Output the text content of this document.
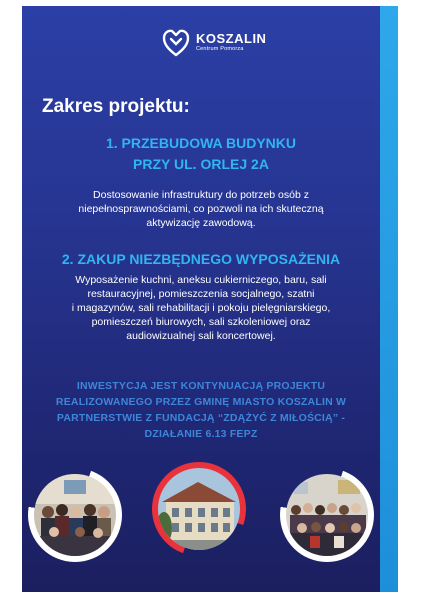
KOSZALIN
Centrum Pomorza
Zakres projektu:
1. PRZEBUDOWA BUDYNKU
PRZY UL. ORLEJ 2A

Dostosowanie infrastruktury do potrzeb osób z
niepełnosprawnościami, co pozwoli na ich skuteczną
aktywizację zawodową.

2. ZAKUP NIEZBĘDNEGO WYPOSAŻENIA

Wyposażenie kuchni, aneksu cukierniczego, baru, sali
restauracyjnej, pomieszczenia socjalnego, szatni
i magazynów, sali rehabilitacji i pokoju pielęgniarskiego,
pomieszczeń biurowych, sali szkoleniowej oraz
audiowizualnej sali koncertowej.

INWESTYCJA JEST KONTYNUACJĄ PROJEKTU
REALIZOWANEGO PRZEZ GMINĘ MIASTO KOSZALIN W
PARTNERSTWIE Z FUNDACJĄ “ZDĄŻYĆ Z MIŁOŚCIĄ” -
DZIAŁANIE 6.13 FEPZ
